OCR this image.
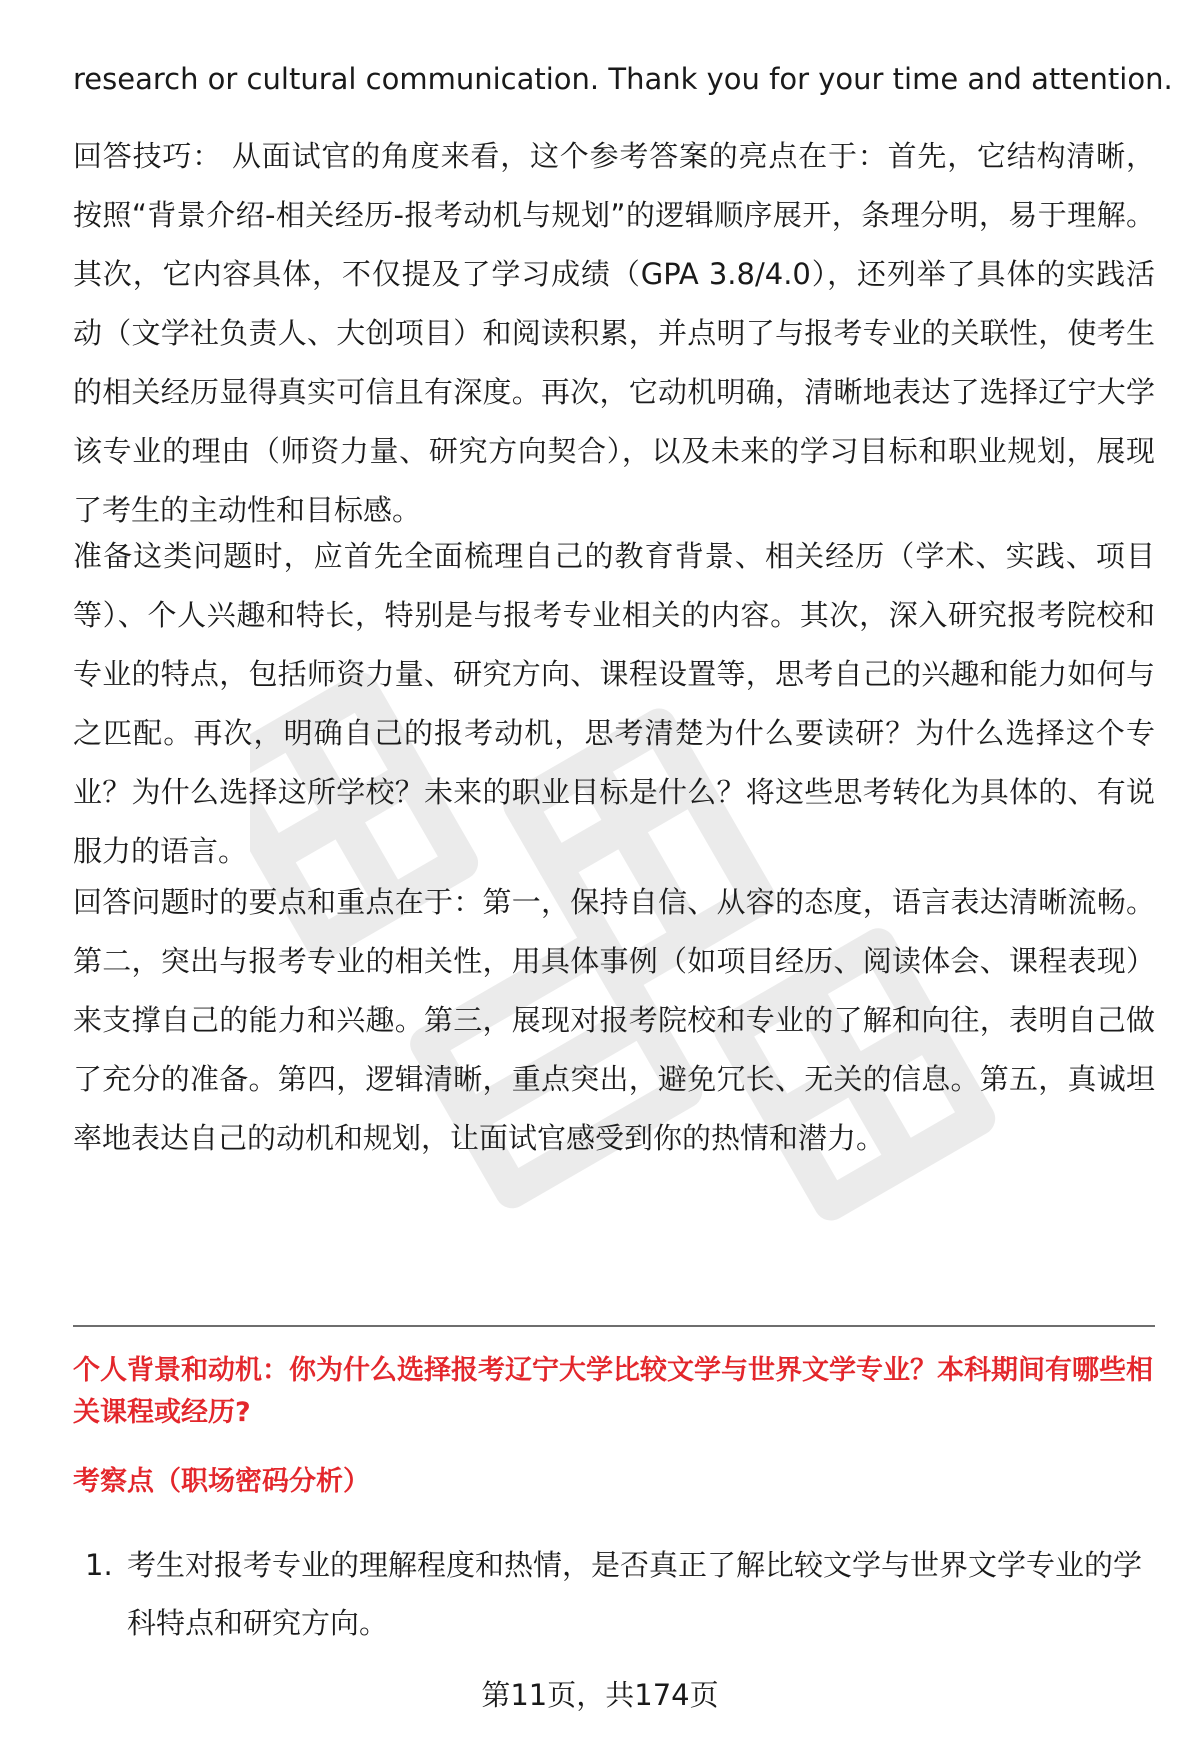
research or cultural communication. Thank you for your time and attention.

回答技巧： 从面试官的角度来看，这个参考答案的亮点在于：首先，它结构清晰，按照“背景介绍-相关经历-报考动机与规划”的逻辑顺序展开，条理分明，易于理解。其次，它内容具体，不仅提及了学习成绩（GPA 3.8/4.0），还列举了具体的实践活动（文学社负责人、大创项目）和阅读积累，并点明了与报考专业的关联性，使考生的相关经历显得真实可信且有深度。再次，它动机明确，清晰地表达了选择辽宁大学该专业的理由（师资力量、研究方向契合），以及未来的学习目标和职业规划，展现了考生的主动性和目标感。

准备这类问题时，应首先全面梳理自己的教育背景、相关经历（学术、实践、项目等）、个人兴趣和特长，特别是与报考专业相关的内容。其次，深入研究报考院校和专业的特点，包括师资力量、研究方向、课程设置等，思考自己的兴趣和能力如何与之匹配。再次，明确自己的报考动机，思考清楚为什么要读研？为什么选择这个专业？为什么选择这所学校？未来的职业目标是什么？将这些思考转化为具体的、有说服力的语言。

回答问题时的要点和重点在于：第一，保持自信、从容的态度，语言表达清晰流畅。第二，突出与报考专业的相关性，用具体事例（如项目经历、阅读体会、课程表现）来支撑自己的能力和兴趣。第三，展现对报考院校和专业的了解和向往，表明自己做了充分的准备。第四，逻辑清晰，重点突出，避免冗长、无关的信息。第五，真诚坦率地表达自己的动机和规划，让面试官感受到你的热情和潜力。

个人背景和动机：你为什么选择报考辽宁大学比较文学与世界文学专业？本科期间有哪些相关课程或经历?

考察点（职场密码分析）
1. 考生对报考专业的理解程度和热情，是否真正了解比较文学与世界文学专业的学科特点和研究方向。
第11页，共174页
